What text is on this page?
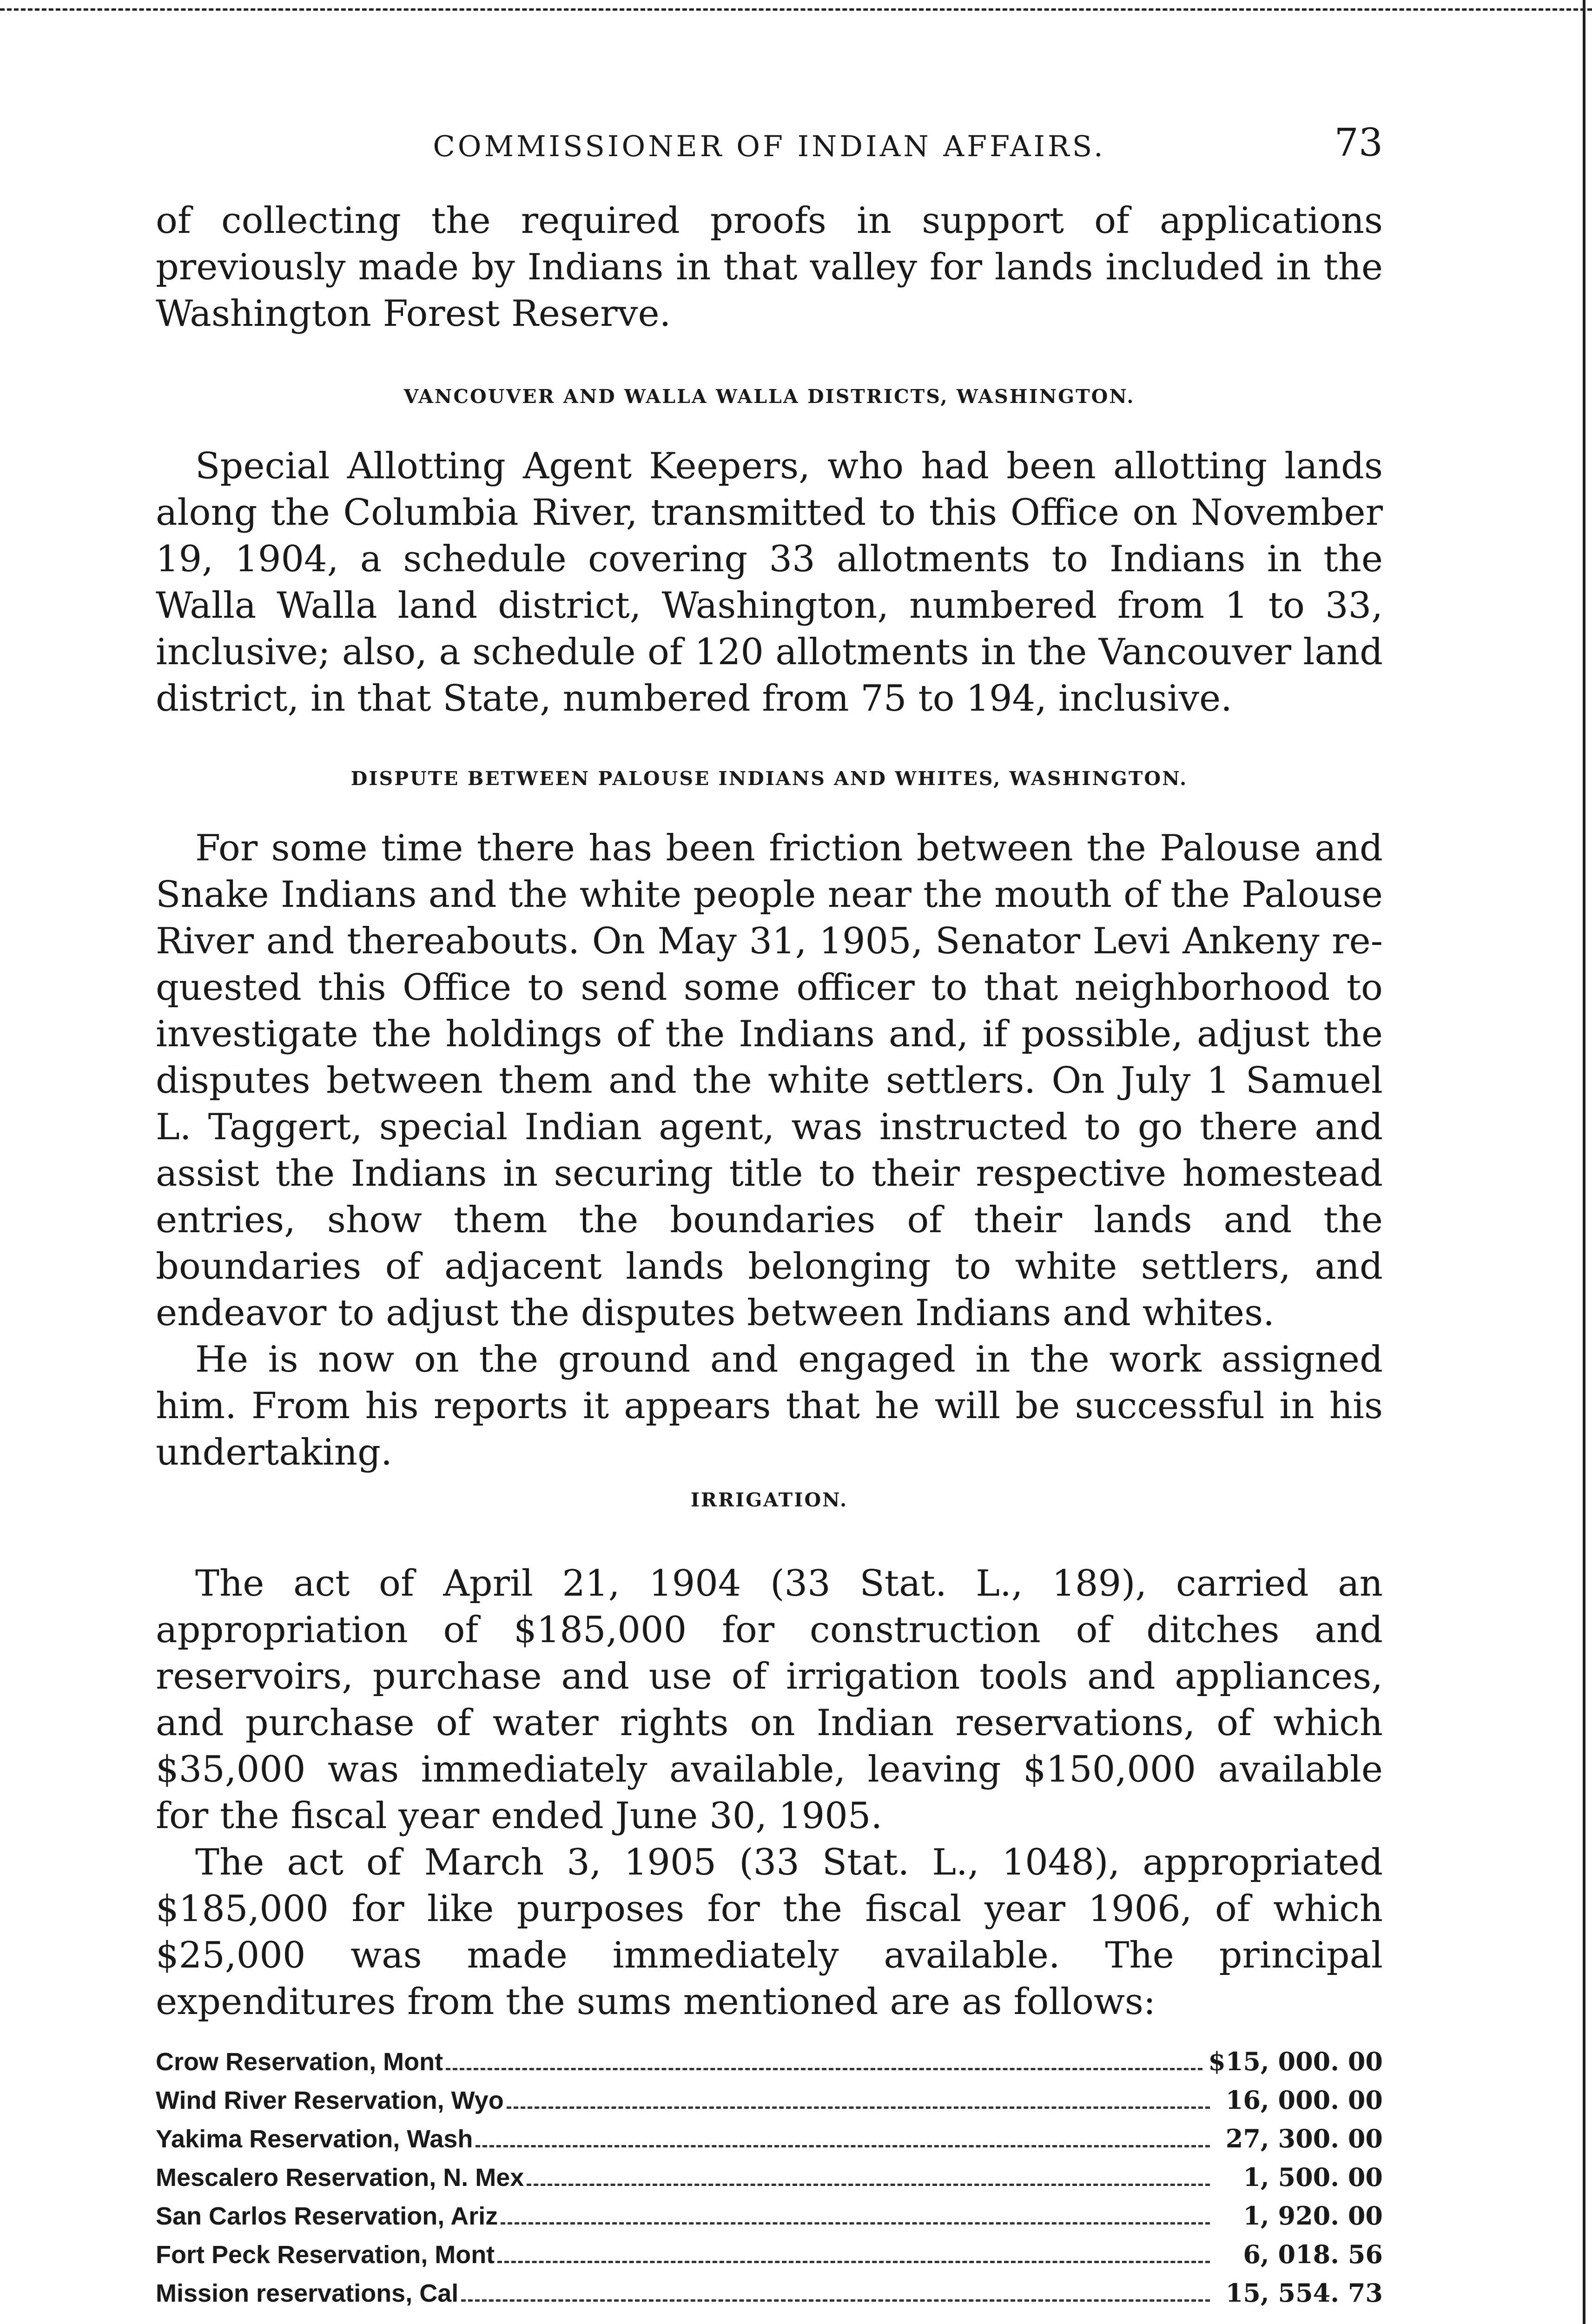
COMMISSIONER OF INDIAN AFFAIRS.	73

of collecting the required proofs in support of applications previously made by Indians in that valley for lands included in the Washington Forest Reserve.

VANCOUVER AND WALLA WALLA DISTRICTS, WASHINGTON.

Special Allotting Agent Keepers, who had been allotting lands along the Columbia River, transmitted to this Office on November 19, 1904, a schedule covering 33 allotments to Indians in the Walla Walla land district, Washington, numbered from 1 to 33, inclusive; also, a schedule of 120 allotments in the Vancouver land district, in that State, numbered from 75 to 194, inclusive.

DISPUTE BETWEEN PALOUSE INDIANS AND WHITES, WASHINGTON.

For some time there has been friction between the Palouse and Snake Indians and the white people near the mouth of the Palouse River and thereabouts. On May 31, 1905, Senator Levi Ankeny requested this Office to send some officer to that neighborhood to investigate the holdings of the Indians and, if possible, adjust the disputes between them and the white settlers. On July 1 Samuel L. Taggert, special Indian agent, was instructed to go there and assist the Indians in securing title to their respective homestead entries, show them the boundaries of their lands and the boundaries of adjacent lands belonging to white settlers, and endeavor to adjust the disputes between Indians and whites.

He is now on the ground and engaged in the work assigned him. From his reports it appears that he will be successful in his undertaking.

IRRIGATION.

The act of April 21, 1904 (33 Stat. L., 189), carried an appropriation of $185,000 for construction of ditches and reservoirs, purchase and use of irrigation tools and appliances, and purchase of water rights on Indian reservations, of which $35,000 was immediately available, leaving $150,000 available for the fiscal year ended June 30, 1905.

The act of March 3, 1905 (33 Stat. L., 1048), appropriated $185,000 for like purposes for the fiscal year 1906, of which $25,000 was made immediately available. The principal expenditures from the sums mentioned are as follows:

Crow Reservation, Mont	$15, 000. 00
Wind River Reservation, Wyo	16, 000. 00
Yakima Reservation, Wash	27, 300. 00
Mescalero Reservation, N. Mex	1, 500. 00
San Carlos Reservation, Ariz	1, 920. 00
Fort Peck Reservation, Mont	6, 018. 56
Mission reservations, Cal	15, 554. 73
